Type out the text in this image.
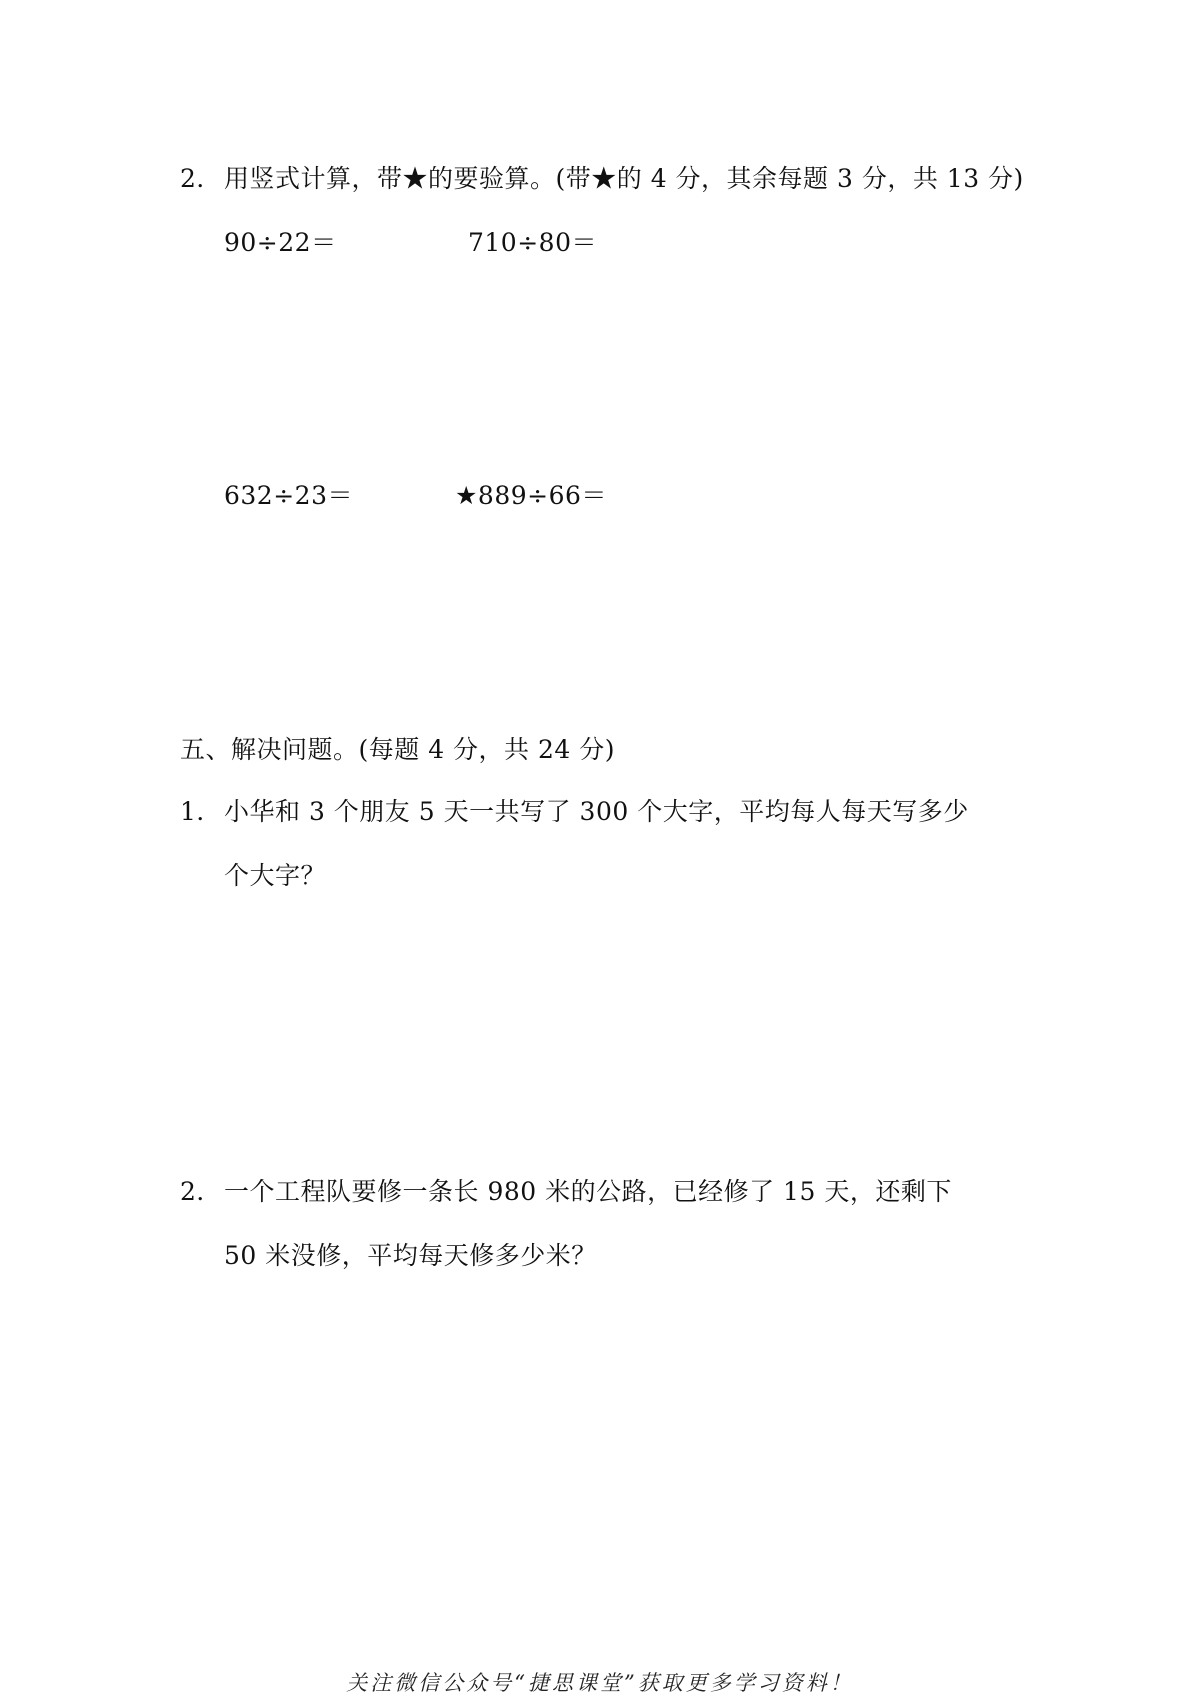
2． 用竖式计算，带★的要验算。(带★的 4 分，其余每题 3 分，共 13 分)
90÷22＝	710÷80＝
632÷23＝	★889÷66＝
五、解决问题。(每题 4 分，共 24 分)
1． 小华和 3 个朋友 5 天一共写了 300 个大字，平均每人每天写多少
个大字？
2． 一个工程队要修一条长 980 米的公路，已经修了 15 天，还剩下
50 米没修，平均每天修多少米？
关注微信公众号“捷思课堂”获取更多学习资料！
